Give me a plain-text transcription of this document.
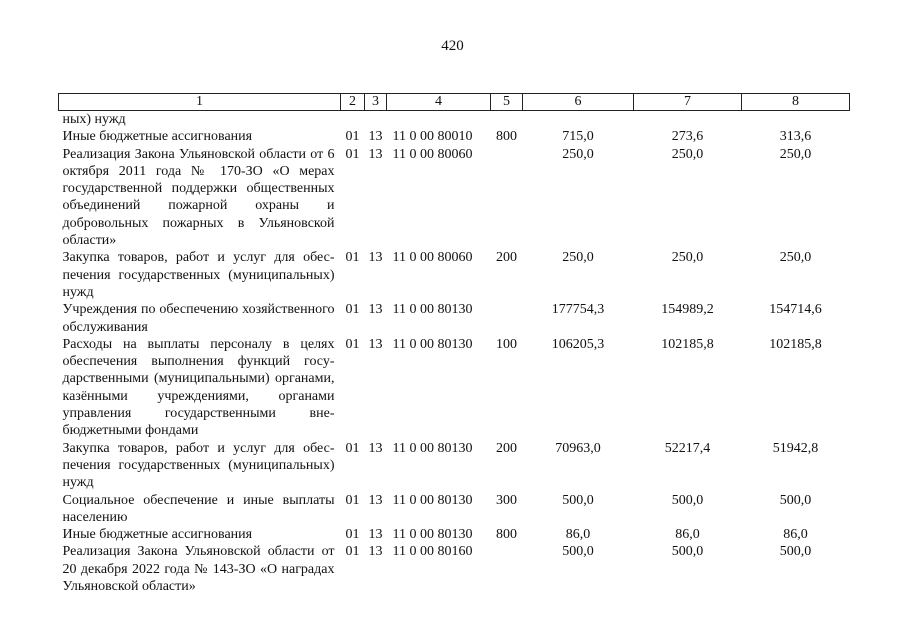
420
1	2	3	4	5	6	7	8
ных) нужд							
Иные бюджетные ассигнования	01	13	11 0 00 80010	800	715,0	273,6	313,6
Реализация Закона Ульяновской области от 6 октября 2011 года № 170-ЗО «О мерах государственной поддержки общественных объединений пожарной охраны и добровольных пожарных в Ульяновской области»	01	13	11 0 00 80060		250,0	250,0	250,0
Закупка товаров, работ и услуг для обеспечения государственных (муниципальных) нужд	01	13	11 0 00 80060	200	250,0	250,0	250,0
Учреждения по обеспечению хозяйственного обслуживания	01	13	11 0 00 80130		177754,3	154989,2	154714,6
Расходы на выплаты персоналу в целях обеспечения выполнения функций государственными (муниципальными) органами, казёнными учреждениями, органами управления государственными внебюджетными фондами	01	13	11 0 00 80130	100	106205,3	102185,8	102185,8
Закупка товаров, работ и услуг для обеспечения государственных (муниципальных) нужд	01	13	11 0 00 80130	200	70963,0	52217,4	51942,8
Социальное обеспечение и иные выплаты населению	01	13	11 0 00 80130	300	500,0	500,0	500,0
Иные бюджетные ассигнования	01	13	11 0 00 80130	800	86,0	86,0	86,0
Реализация Закона Ульяновской области от 20 декабря 2022 года № 143-ЗО «О наградах Ульяновской области»	01	13	11 0 00 80160		500,0	500,0	500,0
